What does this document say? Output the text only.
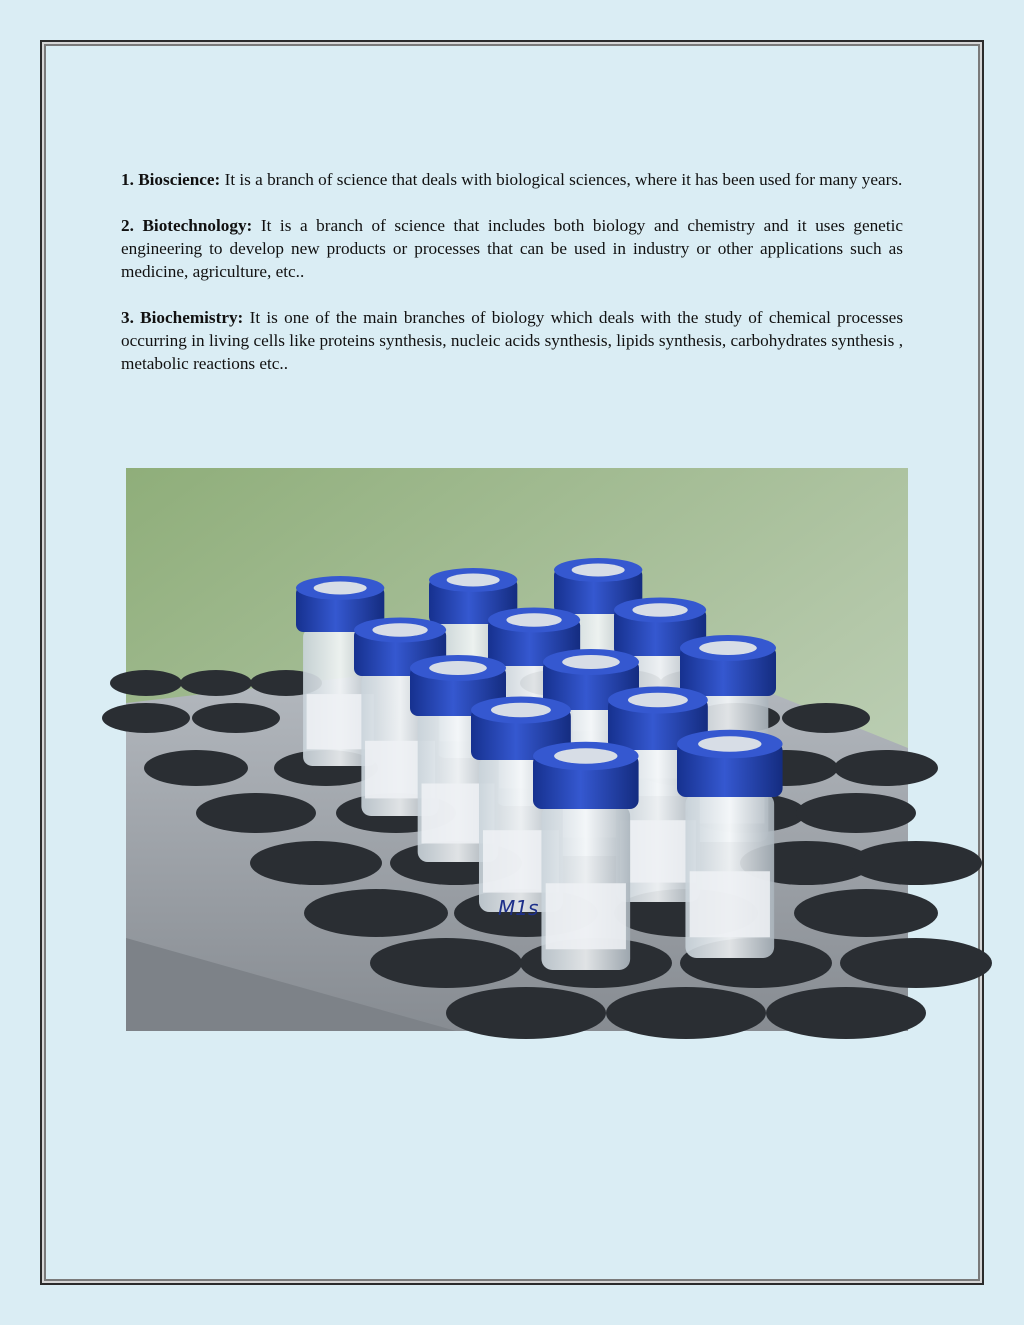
1. Bioscience: It is a branch of science that deals with biological sciences, where it has been used for many years.

2. Biotechnology: It is a branch of science that includes both biology and chemistry and it uses genetic engineering to develop new products or processes that can be used in industry or other applications such as medicine, agriculture, etc..

3. Biochemistry: It is one of the main branches of biology which deals with the study of chemical processes occurring in living cells like proteins synthesis, nucleic acids synthesis, lipids synthesis, carbohydrates synthesis , metabolic reactions etc..

M1s
